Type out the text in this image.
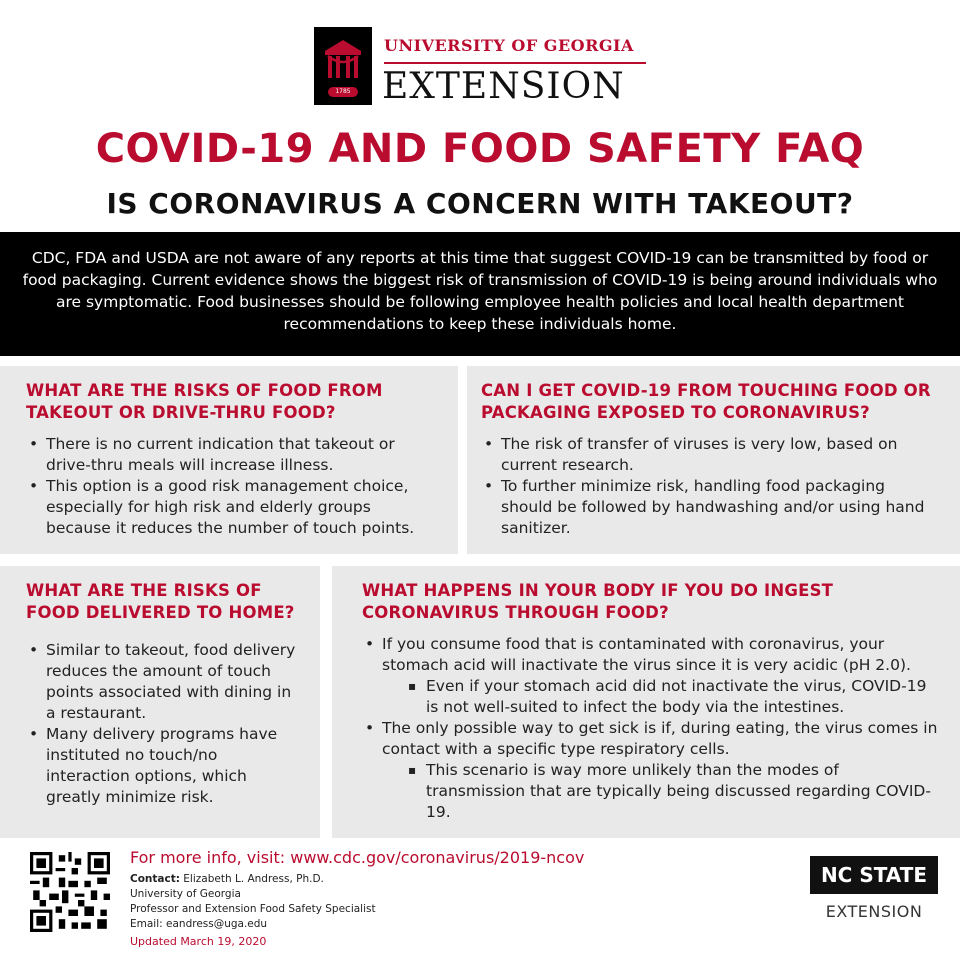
1785
UNIVERSITY OF GEORGIA
EXTENSION
COVID-19 AND FOOD SAFETY FAQ
IS CORONAVIRUS A CONCERN WITH TAKEOUT?
CDC, FDA and USDA are not aware of any reports at this time that suggest COVID-19 can be transmitted by food or food packaging. Current evidence shows the biggest risk of transmission of COVID-19 is being around individuals who are symptomatic. Food businesses should be following employee health policies and local health department recommendations to keep these individuals home.
WHAT ARE THE RISKS OF FOOD FROM TAKEOUT OR DRIVE-THRU FOOD?
• There is no current indication that takeout or drive-thru meals will increase illness.
• This option is a good risk management choice, especially for high risk and elderly groups because it reduces the number of touch points.
CAN I GET COVID-19 FROM TOUCHING FOOD OR PACKAGING EXPOSED TO CORONAVIRUS?
• The risk of transfer of viruses is very low, based on current research.
• To further minimize risk, handling food packaging should be followed by handwashing and/or using hand sanitizer.
WHAT ARE THE RISKS OF FOOD DELIVERED TO HOME?
• Similar to takeout, food delivery reduces the amount of touch points associated with dining in a restaurant.
• Many delivery programs have instituted no touch/no interaction options, which greatly minimize risk.
WHAT HAPPENS IN YOUR BODY IF YOU DO INGEST CORONAVIRUS THROUGH FOOD?
• If you consume food that is contaminated with coronavirus, your stomach acid will inactivate the virus since it is very acidic (pH 2.0).
▪ Even if your stomach acid did not inactivate the virus, COVID-19 is not well-suited to infect the body via the intestines.
• The only possible way to get sick is if, during eating, the virus comes in contact with a specific type respiratory cells.
▪ This scenario is way more unlikely than the modes of transmission that are typically being discussed regarding COVID-19.
For more info, visit: www.cdc.gov/coronavirus/2019-ncov
Contact: Elizabeth L. Andress, Ph.D.
University of Georgia
Professor and Extension Food Safety Specialist
Email: eandress@uga.edu
Updated March 19, 2020
NC STATE
EXTENSION
